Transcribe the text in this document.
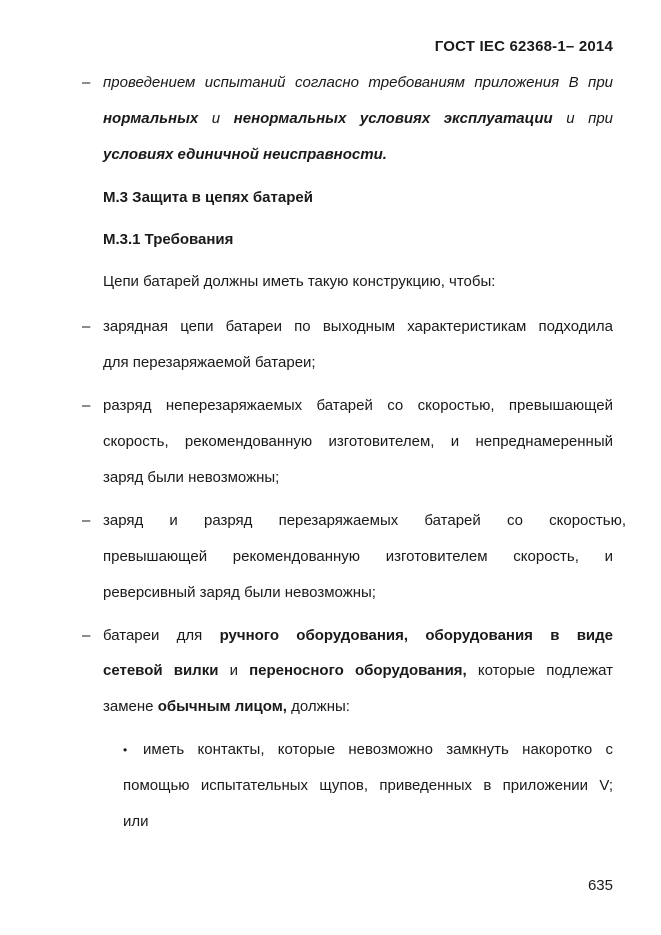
ГОСТ IEC 62368-1– 2014
– проведением испытаний согласно требованиям приложения В при
нормальных и ненормальных условиях эксплуатации и при
условиях единичной неисправности.
М.3 Защита в цепях батарей
М.3.1 Требования
Цепи батарей должны иметь такую конструкцию, чтобы:
– зарядная цепи батареи по выходным характеристикам подходила
для перезаряжаемой батареи;
– разряд неперезаряжаемых батарей со скоростью, превышающей
скорость, рекомендованную изготовителем, и непреднамеренный
заряд были невозможны;
– заряд и разряд перезаряжаемых батарей со скоростью,
превышающей рекомендованную изготовителем скорость, и
реверсивный заряд были невозможны;
– батареи для ручного оборудования, оборудования в виде
сетевой вилки и переносного оборудования, которые подлежат
замене обычным лицом, должны:
• иметь контакты, которые невозможно замкнуть накоротко с
помощью испытательных щупов, приведенных в приложении V;
или
635
